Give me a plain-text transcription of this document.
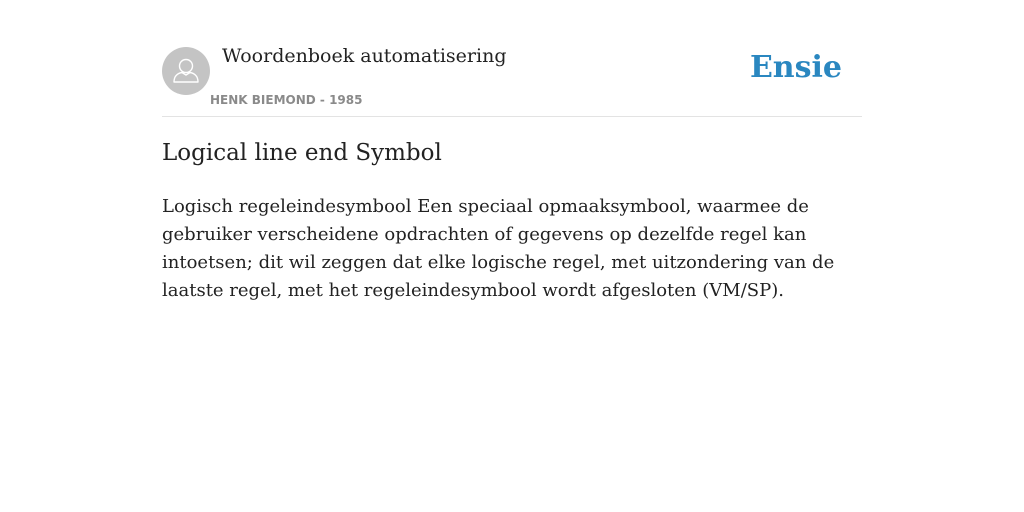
Woordenboek automatisering
HENK BIEMOND - 1985
Ensie
Logical line end Symbol

Logisch regeleindesymbool Een speciaal opmaaksymbool, waarmee de gebruiker verscheidene opdrachten of gegevens op dezelfde regel kan intoetsen; dit wil zeggen dat elke logische regel, met uitzondering van de laatste regel, met het regeleindesymbool wordt afgesloten (VM/SP).
